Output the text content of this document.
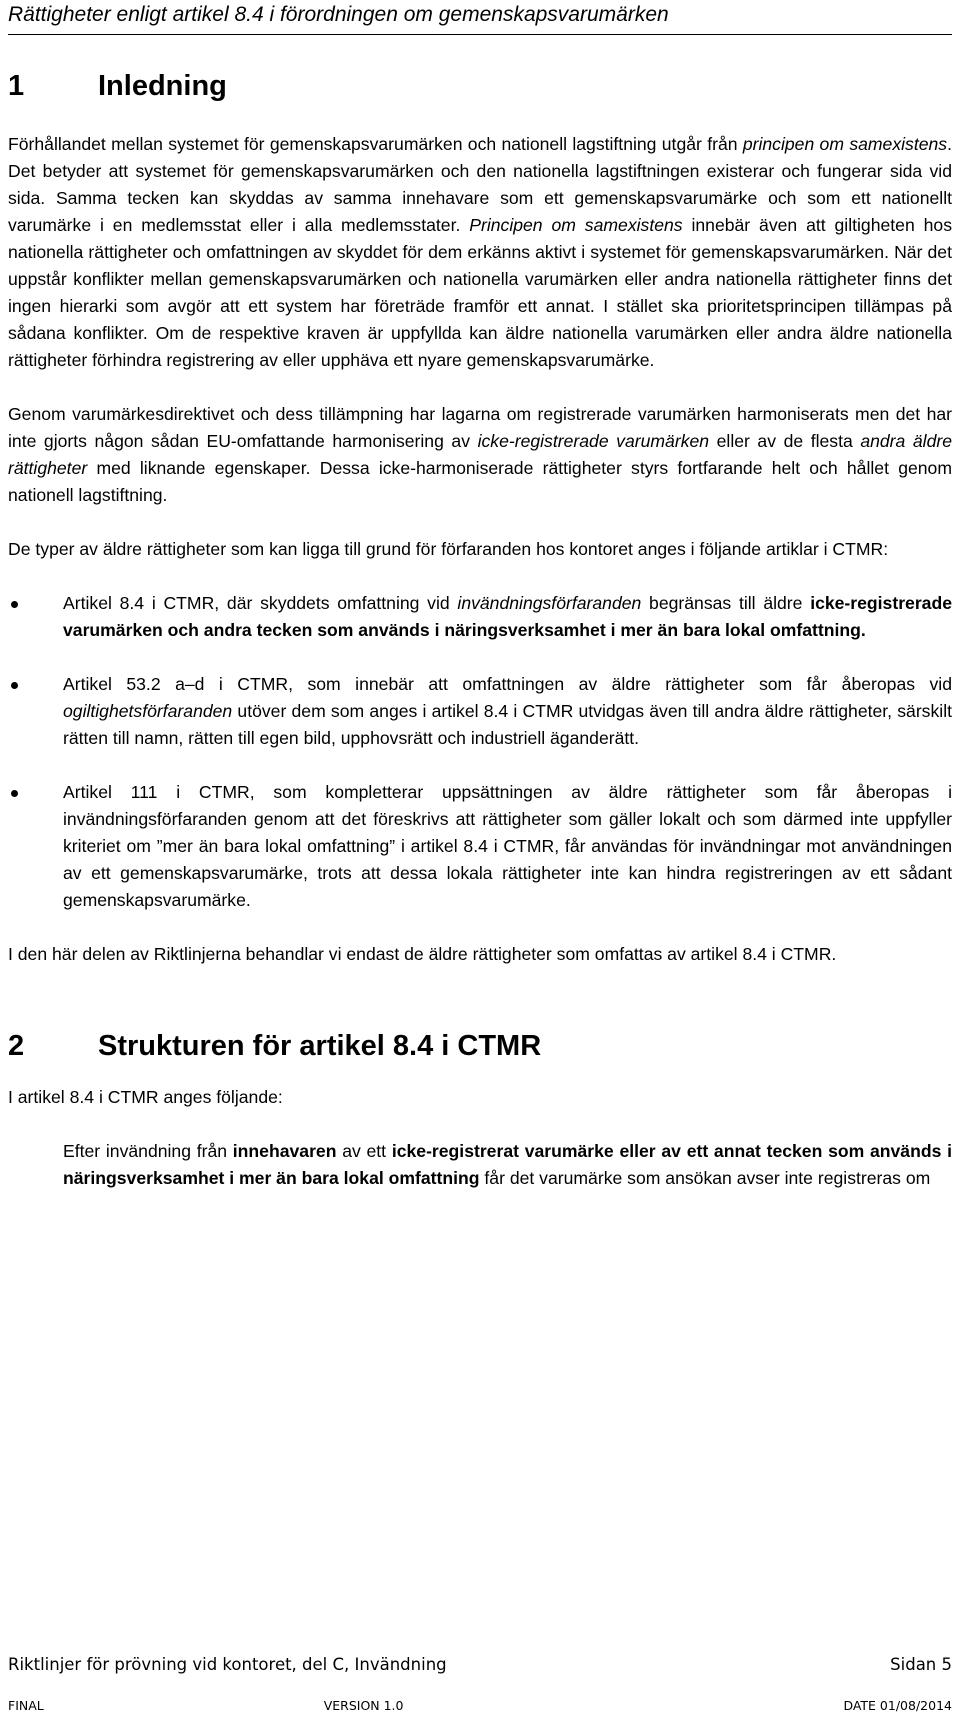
Rättigheter enligt artikel 8.4 i förordningen om gemenskapsvarumärken
1	Inledning

Förhållandet mellan systemet för gemenskapsvarumärken och nationell lagstiftning utgår från principen om samexistens. Det betyder att systemet för gemenskapsvarumärken och den nationella lagstiftningen existerar och fungerar sida vid sida. Samma tecken kan skyddas av samma innehavare som ett gemenskapsvarumärke och som ett nationellt varumärke i en medlemsstat eller i alla medlemsstater. Principen om samexistens innebär även att giltigheten hos nationella rättigheter och omfattningen av skyddet för dem erkänns aktivt i systemet för gemenskapsvarumärken. När det uppstår konflikter mellan gemenskapsvarumärken och nationella varumärken eller andra nationella rättigheter finns det ingen hierarki som avgör att ett system har företräde framför ett annat. I stället ska prioritetsprincipen tillämpas på sådana konflikter. Om de respektive kraven är uppfyllda kan äldre nationella varumärken eller andra äldre nationella rättigheter förhindra registrering av eller upphäva ett nyare gemenskapsvarumärke.

Genom varumärkesdirektivet och dess tillämpning har lagarna om registrerade varumärken harmoniserats men det har inte gjorts någon sådan EU-omfattande harmonisering av icke-registrerade varumärken eller av de flesta andra äldre rättigheter med liknande egenskaper. Dessa icke-harmoniserade rättigheter styrs fortfarande helt och hållet genom nationell lagstiftning.

De typer av äldre rättigheter som kan ligga till grund för förfaranden hos kontoret anges i följande artiklar i CTMR:

Artikel 8.4 i CTMR, där skyddets omfattning vid invändningsförfaranden begränsas till äldre icke-registrerade varumärken och andra tecken som används i näringsverksamhet i mer än bara lokal omfattning.
Artikel 53.2 a–d i CTMR, som innebär att omfattningen av äldre rättigheter som får åberopas vid ogiltighetsförfaranden utöver dem som anges i artikel 8.4 i CTMR utvidgas även till andra äldre rättigheter, särskilt rätten till namn, rätten till egen bild, upphovsrätt och industriell äganderätt.
Artikel 111 i CTMR, som kompletterar uppsättningen av äldre rättigheter som får åberopas i invändningsförfaranden genom att det föreskrivs att rättigheter som gäller lokalt och som därmed inte uppfyller kriteriet om ”mer än bara lokal omfattning” i artikel 8.4 i CTMR, får användas för invändningar mot användningen av ett gemenskapsvarumärke, trots att dessa lokala rättigheter inte kan hindra registreringen av ett sådant gemenskapsvarumärke.

I den här delen av Riktlinjerna behandlar vi endast de äldre rättigheter som omfattas av artikel 8.4 i CTMR.

2	Strukturen för artikel 8.4 i CTMR

I artikel 8.4 i CTMR anges följande:

Efter invändning från innehavaren av ett icke-registrerat varumärke eller av ett annat tecken som används i näringsverksamhet i mer än bara lokal omfattning får det varumärke som ansökan avser inte registreras om
Riktlinjer för prövning vid kontoret, del C, Invändning	Sidan 5
FINAL	VERSION 1.0	DATE 01/08/2014
